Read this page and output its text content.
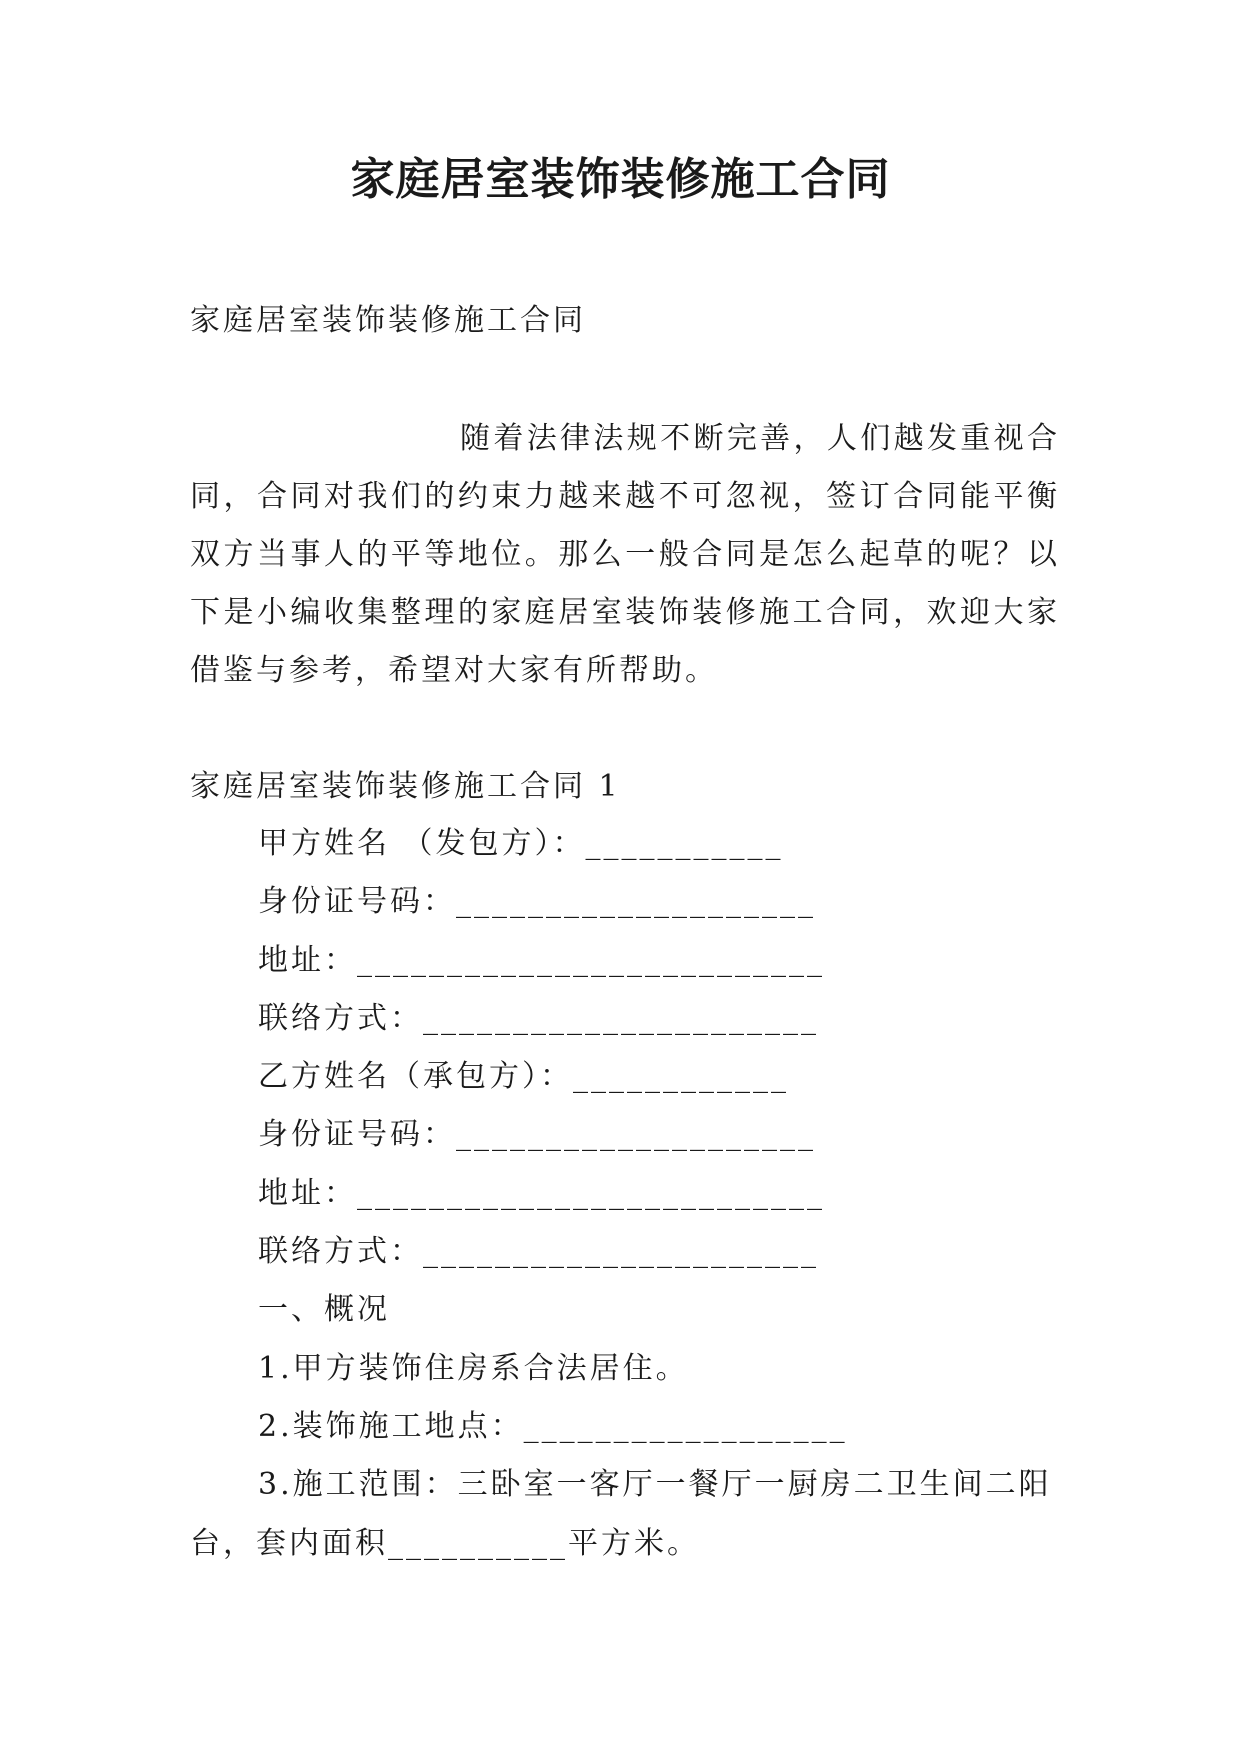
家庭居室装饰装修施工合同
家庭居室装饰装修施工合同
随着法律法规不断完善，人们越发重视合同，合同对我们的约束力越来越不可忽视，签订合同能平衡双方当事人的平等地位。那么一般合同是怎么起草的呢？以下是小编收集整理的家庭居室装饰装修施工合同，欢迎大家借鉴与参考，希望对大家有所帮助。
家庭居室装饰装修施工合同 1
甲方姓名 （发包方）：___________
身份证号码：____________________
地址：__________________________
联络方式：______________________
乙方姓名（承包方）：____________
身份证号码：____________________
地址：__________________________
联络方式：______________________
一、概况
1.甲方装饰住房系合法居住。
2.装饰施工地点：__________________
3.施工范围：三卧室一客厅一餐厅一厨房二卫生间二阳台，套内面积__________平方米。
